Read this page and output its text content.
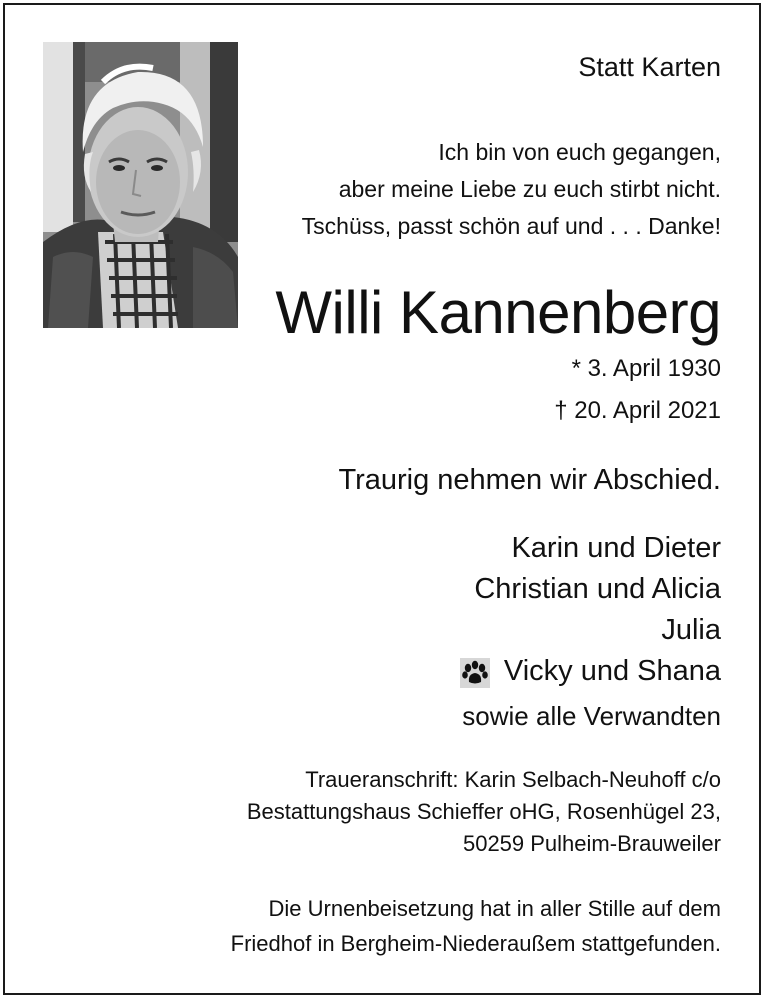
Statt Karten

Ich bin von euch gegangen,
aber meine Liebe zu euch stirbt nicht.
Tschüss, passt schön auf und . . . Danke!

Willi Kannenberg

* 3. April 1930

† 20. April 2021

Traurig nehmen wir Abschied.

Karin und Dieter
Christian und Alicia
Julia
Vicky und Shana

sowie alle Verwandten

Traueranschrift: Karin Selbach-Neuhoff c/o
Bestattungshaus Schieffer oHG, Rosenhügel 23,
50259 Pulheim-Brauweiler
Die Urnenbeisetzung hat in aller Stille auf dem
Friedhof in Bergheim-Niederaußem stattgefunden.
